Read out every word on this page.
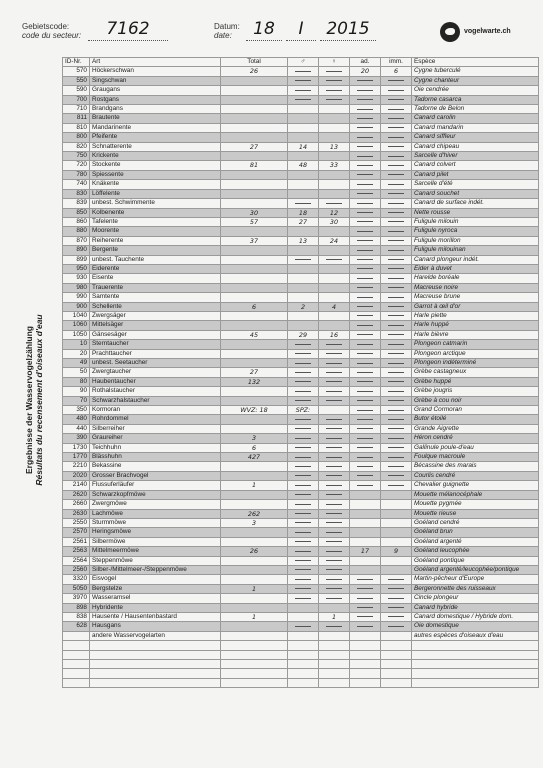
Gebietscode:
code du secteur:	7162	Datum:
date:	18	I	2015	vogelwarte.ch
Ergebnisse der Wasservogelzählung
Résultats du recensement d'oiseaux d'eau
ID-Nr.	Art	Total	♂	♀	ad.	imm.	Espèce
570	Höckerschwan	26			20	6	Cygne tuberculé
550	Singschwan						Cygne chanteur
590	Graugans						Oie cendrée
700	Rostgans						Tadorne casarca
710	Brandgans						Tadorne de Belon
811	Brautente						Canard carolin
810	Mandarinente						Canard mandarin
800	Pfeifente						Canard siffleur
820	Schnatterente	27	14	13			Canard chipeau
750	Krickente						Sarcelle d'hiver
720	Stockente	81	48	33			Canard colvert
780	Spiessente						Canard pilet
740	Knäkente						Sarcelle d'été
830	Löffelente						Canard souchet
839	unbest. Schwimmente						Canard de surface indét.
850	Kolbenente	30	18	12			Nette rousse
860	Tafelente	57	27	30			Fuligule milouin
880	Moorente						Fuligule nyroca
870	Reiherente	37	13	24			Fuligule morillon
890	Bergente						Fuligule milouinan
899	unbest. Tauchente						Canard plongeur indét.
950	Eiderente						Eider à duvet
930	Eisente						Harelde boréale
980	Trauerente						Macreuse noire
990	Samtente						Macreuse brune
900	Schellente	6	2	4			Garrot à œil d'or
1040	Zwergsäger						Harle piette
1060	Mittelsäger						Harle huppé
1050	Gänsesäger	45	29	16			Harle bièvre
10	Sterntaucher						Plongeon catmarin
20	Prachttaucher						Plongeon arctique
49	unbest. Seetaucher						Plongeon indéterminé
50	Zwergtaucher	27					Grèbe castagneux
80	Haubentaucher	132					Grèbe huppé
90	Rothalstaucher						Grèbe jougris
70	Schwarzhalstaucher						Grèbe à cou noir
350	Kormoran	WVZ: 18	SPZ:				Grand Cormoran
480	Rohrdommel						Butor étoilé
440	Silberreiher						Grande Aigrette
390	Graureiher	3					Héron cendré
1730	Teichhuhn	6					Gallinule poule-d'eau
1770	Blässhuhn	427					Foulque macroule
2210	Bekassine						Bécassine des marais
2020	Grosser Brachvogel						Courlis cendré
2140	Flussuferläufer	1					Chevalier guignette
2620	Schwarzkopfmöwe						Mouette mélanocéphale
2660	Zwergmöwe						Mouette pygmée
2630	Lachmöwe	262					Mouette rieuse
2550	Sturmmöwe	3					Goéland cendré
2570	Heringsmöwe						Goéland brun
2561	Silbermöwe						Goéland argenté
2563	Mittelmeermöwe	26			17	9	Goéland leucophée
2564	Steppenmöwe						Goéland pontique
2560	Silber-/Mittelmeer-/Steppenmöwe						Goéland argenté/leucophée/pontique
3320	Eisvogel						Martin-pêcheur d'Europe
5050	Bergstelze	1					Bergeronnette des ruisseaux
3970	Wasseramsel						Cincle plongeur
898	Hybridente						Canard hybride
838	Hausente / Hausentenbastard	1		1			Canard domestique / Hybride dom.
628	Hausgans						Oie domestique
	andere Wasservogelarten						autres espèces d'oiseaux d'eau
